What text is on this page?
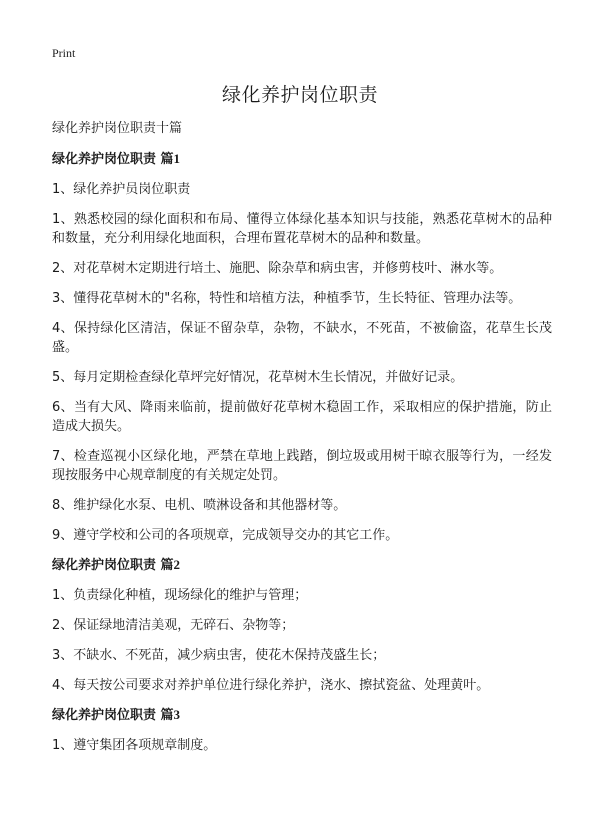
Print
绿化养护岗位职责

绿化养护岗位职责十篇

绿化养护岗位职责 篇1

1、绿化养护员岗位职责

1、熟悉校园的绿化面积和布局、懂得立体绿化基本知识与技能，熟悉花草树木的品种和数量，充分利用绿化地面积，合理布置花草树木的品种和数量。

2、对花草树木定期进行培土、施肥、除杂草和病虫害，并修剪枝叶、淋水等。

3、懂得花草树木的"名称，特性和培植方法，种植季节，生长特征、管理办法等。

4、保持绿化区清洁，保证不留杂草，杂物，不缺水，不死苗，不被偷盗，花草生长茂盛。

5、每月定期检查绿化草坪完好情况，花草树木生长情况，并做好记录。

6、当有大风、降雨来临前，提前做好花草树木稳固工作，采取相应的保护措施，防止造成大损失。

7、检查巡视小区绿化地，严禁在草地上践踏，倒垃圾或用树干晾衣服等行为，一经发现按服务中心规章制度的有关规定处罚。

8、维护绿化水泵、电机、喷淋设备和其他器材等。

9、遵守学校和公司的各项规章，完成领导交办的其它工作。

绿化养护岗位职责 篇2

1、负责绿化种植，现场绿化的维护与管理；

2、保证绿地清洁美观，无碎石、杂物等；

3、不缺水、不死苗，减少病虫害，使花木保持茂盛生长；

4、每天按公司要求对养护单位进行绿化养护，浇水、擦拭瓷盆、处理黄叶。

绿化养护岗位职责 篇3

1、遵守集团各项规章制度。
